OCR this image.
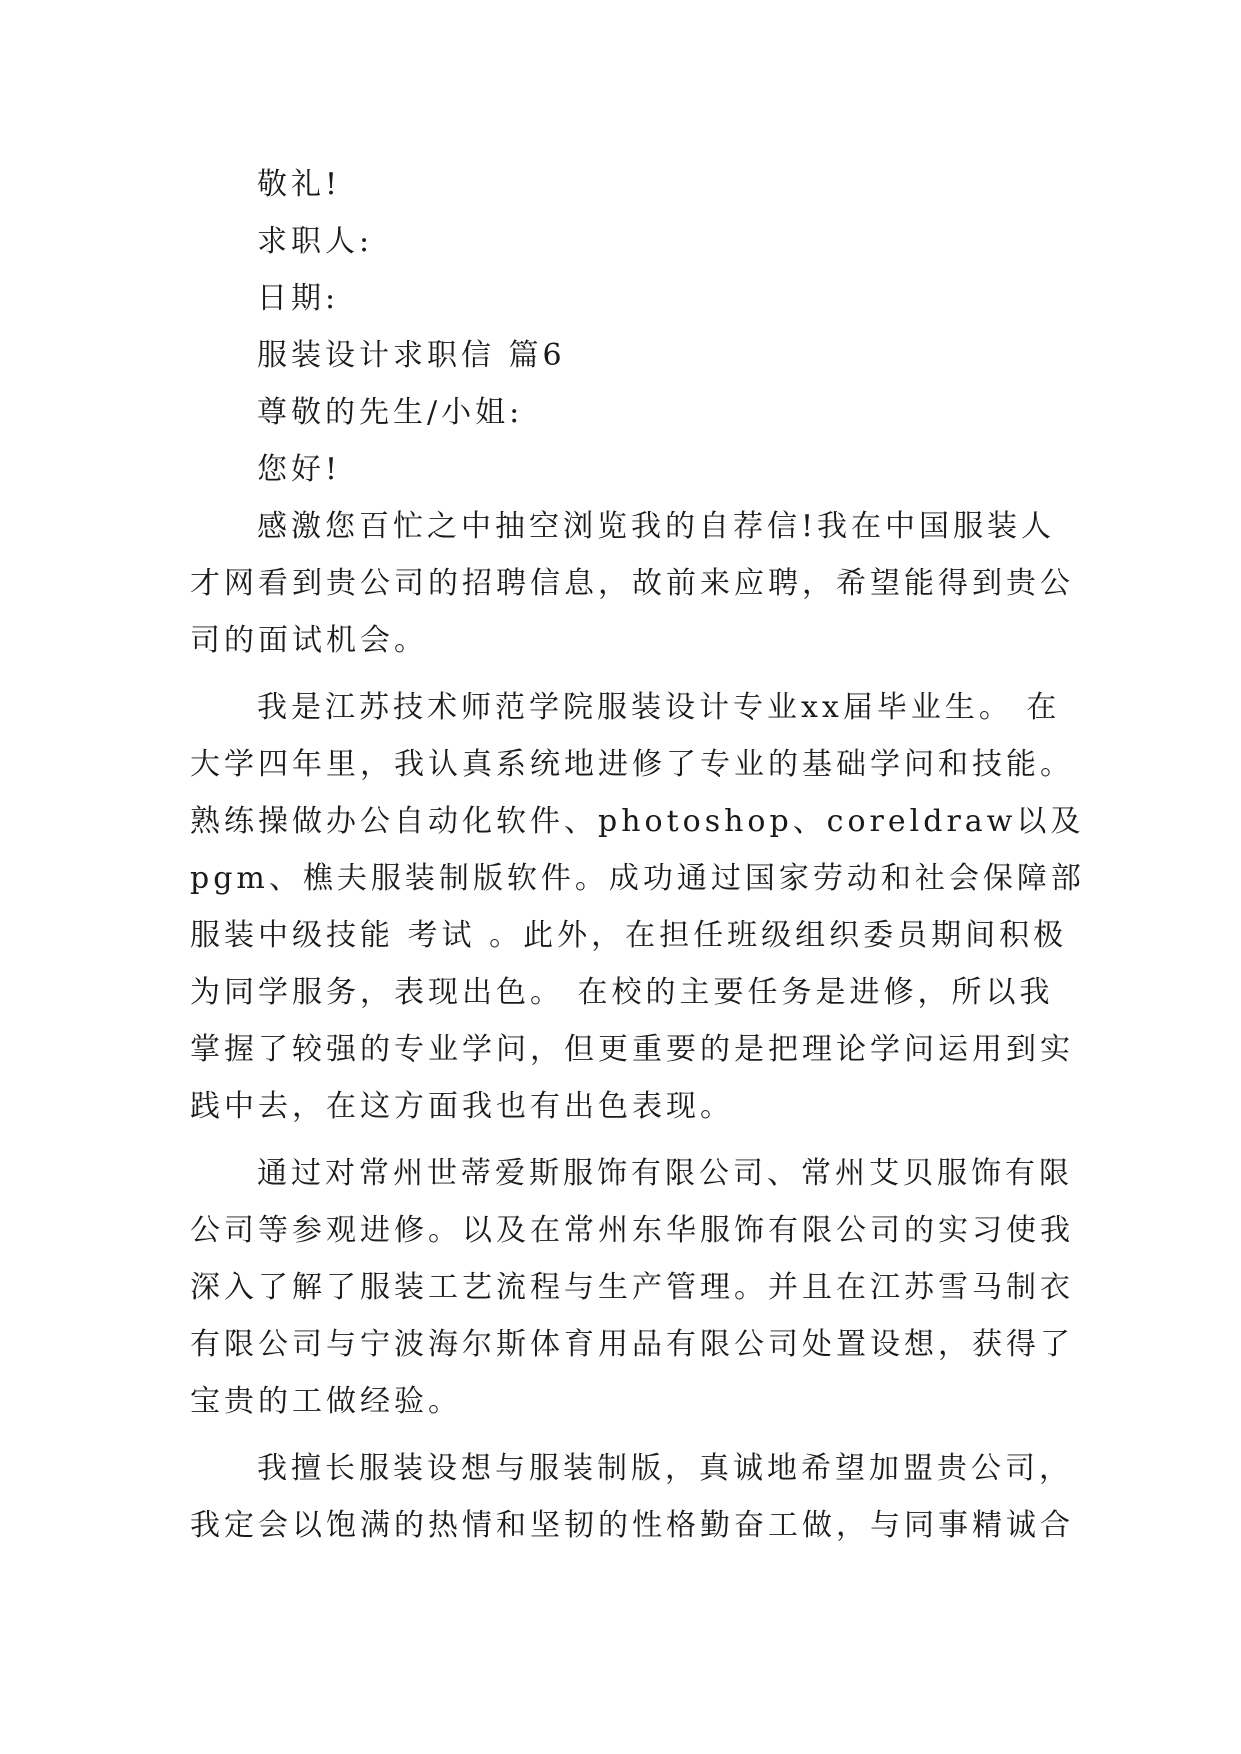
敬礼!
求职人:
日期:
服装设计求职信 篇6
尊敬的先生/小姐:
您好!
感激您百忙之中抽空浏览我的自荐信!我在中国服装人
才网看到贵公司的招聘信息，故前来应聘，希望能得到贵公
司的面试机会。
我是江苏技术师范学院服装设计专业xx届毕业生。 在
大学四年里，我认真系统地进修了专业的基础学问和技能。
熟练操做办公自动化软件、photoshop、coreldraw以及
pgm、樵夫服装制版软件。成功通过国家劳动和社会保障部
服装中级技能 考试 。此外，在担任班级组织委员期间积极
为同学服务，表现出色。 在校的主要任务是进修，所以我
掌握了较强的专业学问，但更重要的是把理论学问运用到实
践中去，在这方面我也有出色表现。
通过对常州世蒂爱斯服饰有限公司、常州艾贝服饰有限
公司等参观进修。以及在常州东华服饰有限公司的实习使我
深入了解了服装工艺流程与生产管理。并且在江苏雪马制衣
有限公司与宁波海尔斯体育用品有限公司处置设想，获得了
宝贵的工做经验。
我擅长服装设想与服装制版，真诚地希望加盟贵公司，
我定会以饱满的热情和坚韧的性格勤奋工做，与同事精诚合
